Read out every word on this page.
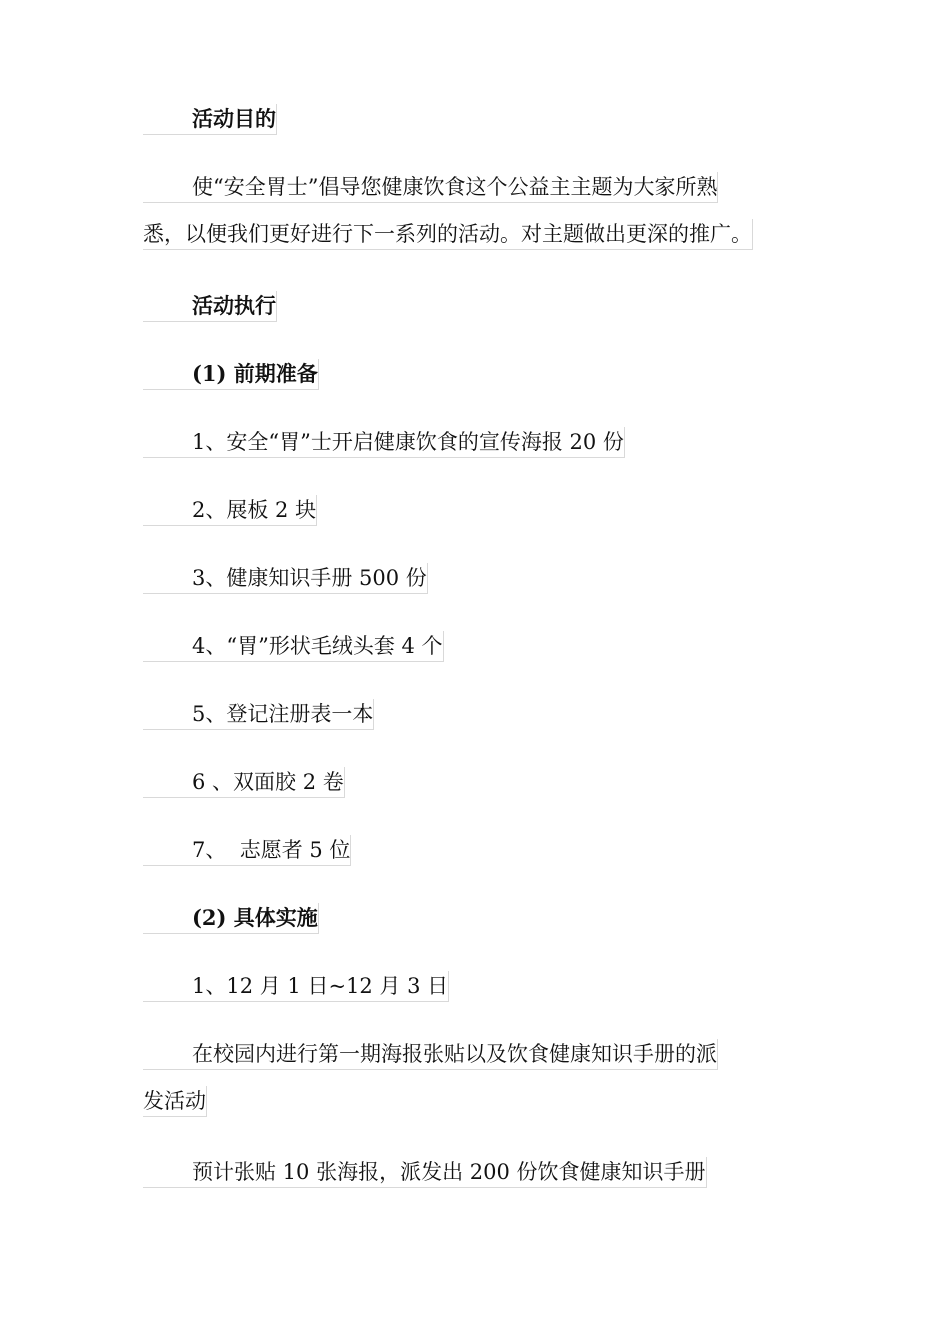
活动目的
使“安全胃士”倡导您健康饮食这个公益主主题为大家所熟
悉，以便我们更好进行下一系列的活动。对主题做出更深的推广。
活动执行
(1) 前期准备
1、安全“胃”士开启健康饮食的宣传海报 20 份
2、展板 2 块
3、健康知识手册 500 份
4、“胃”形状毛绒头套 4 个
5、登记注册表一本
6 、双面胶 2 卷
7、  志愿者 5 位
(2) 具体实施
1、12 月 1 日~12 月 3 日
在校园内进行第一期海报张贴以及饮食健康知识手册的派
发活动
预计张贴 10 张海报，派发出 200 份饮食健康知识手册
